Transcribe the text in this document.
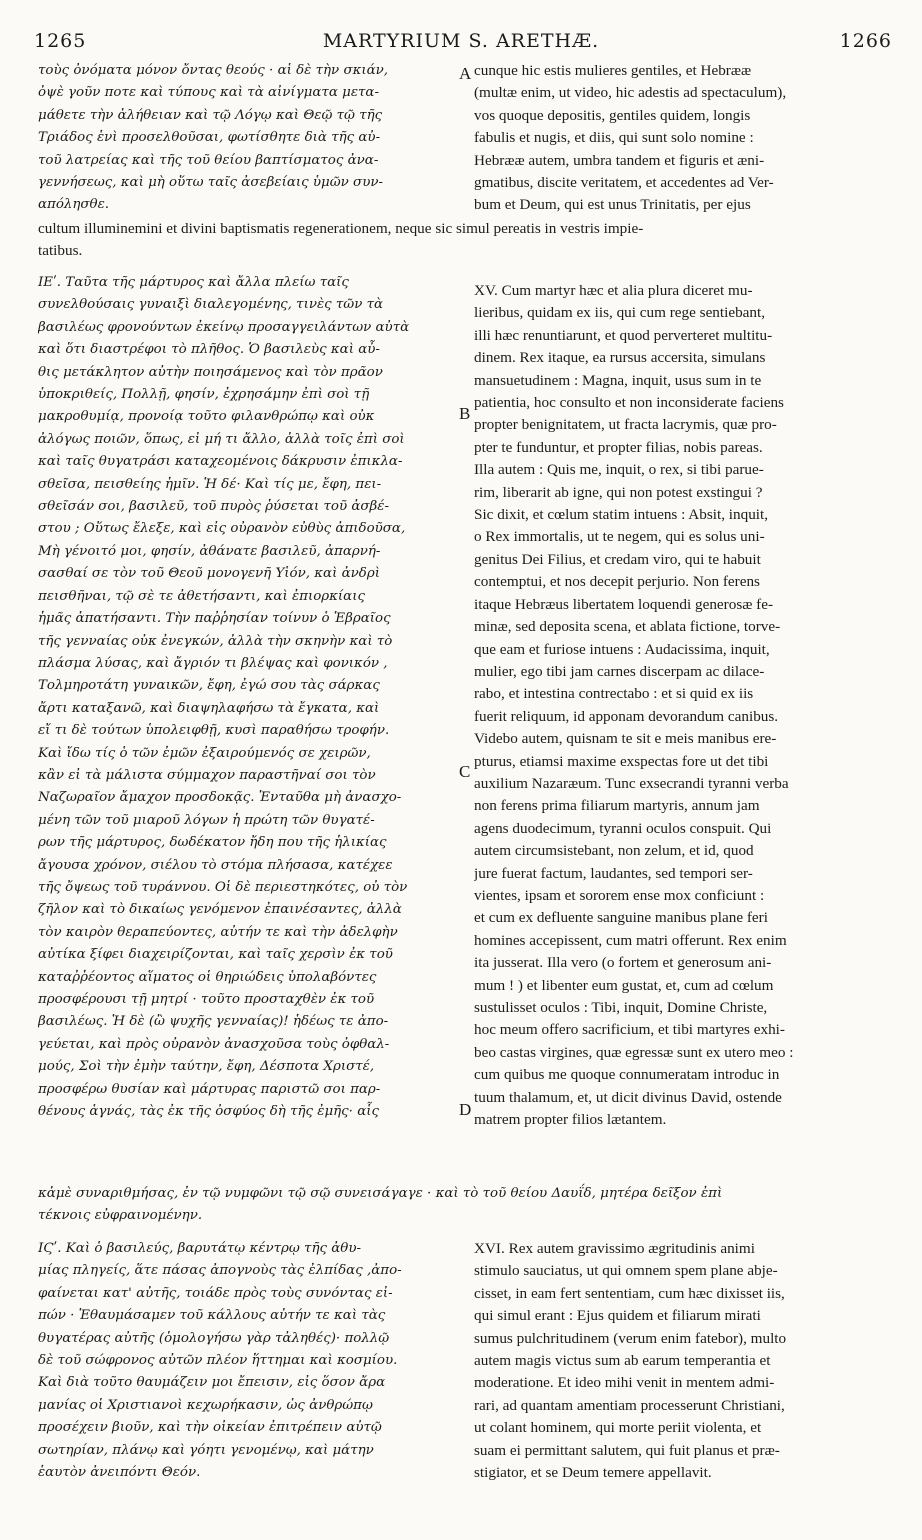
1265	MARTYRIUM S. ARETHÆ.	1266
τοὺς ὀνόματα μόνον ὄντας θεούς · αἱ δὲ τὴν σκιάν,
ὀψὲ γοῦν ποτε καὶ τύπους καὶ τὰ αἰνίγματα μετα-
μάθετε τὴν ἀλήθειαν καὶ τῷ Λόγῳ καὶ Θεῷ τῷ τῆς
Τριάδος ἑνὶ προσελθοῦσαι, φωτίσθητε διὰ τῆς αὐ-
τοῦ λατρείας καὶ τῆς τοῦ θείου βαπτίσματος ἀνα-
γεννήσεως, καὶ μὴ οὕτω ταῖς ἀσεβείαις ὑμῶν συν-
απόλησθε.
cunque hic estis mulieres gentiles, et Hebrææ
(multæ enim, ut video, hic adestis ad spectaculum),
vos quoque depositis, gentiles quidem, longis
fabulis et nugis, et diis, qui sunt solo nomine :
Hebrææ autem, umbra tandem et figuris et æni-
gmatibus, discite veritatem, et accedentes ad Ver-
bum et Deum, qui est unus Trinitatis, per ejus
cultum illuminemini et divini baptismatis regenerationem, neque sic simul pereatis in vestris impie-
tatibus.
ΙΕʹ. Ταῦτα τῆς μάρτυρος καὶ ἄλλα πλείω ταῖς
συνελθούσαις γυναιξὶ διαλεγομένης, τινὲς τῶν τὰ
βασιλέως φρονούντων ἐκείνῳ προσαγγειλάντων αὐτὰ
καὶ ὅτι διαστρέφοι τὸ πλῆθος. Ὁ βασιλεὺς καὶ αὖ-
θις μετάκλητον αὐτὴν ποιησάμενος καὶ τὸν πρᾶον
ὑποκριθείς, Πολλῇ, φησίν, ἐχρησάμην ἐπὶ σοὶ τῇ
μακροθυμίᾳ, προνοίᾳ τοῦτο φιλανθρώπῳ καὶ οὐκ
ἀλόγως ποιῶν, ὅπως, εἰ μή τι ἄλλο, ἀλλὰ τοῖς ἐπὶ σοὶ
καὶ ταῖς θυγατράσι καταχεομένοις δάκρυσιν ἐπικλα-
σθεῖσα, πεισθείης ἡμῖν. Ἡ δέ· Καὶ τίς με, ἔφη, πει-
σθεῖσάν σοι, βασιλεῦ, τοῦ πυρὸς ῥύσεται τοῦ ἀσβέ-
στου ; Οὕτως ἔλεξε, καὶ εἰς οὐρανὸν εὐθὺς ἀπιδοῦσα,
Μὴ γένοιτό μοι, φησίν, ἀθάνατε βασιλεῦ, ἀπαρνή-
σασθαί σε τὸν τοῦ Θεοῦ μονογενῆ Υἱόν, καὶ ἀνδρὶ
πεισθῆναι, τῷ σὲ τε ἀθετήσαντι, καὶ ἐπιορκίαις
ἡμᾶς ἀπατήσαντι. Τὴν παῤῥησίαν τοίνυν ὁ Ἑβραῖος
τῆς γενναίας οὐκ ἐνεγκών, ἀλλὰ τὴν σκηνὴν καὶ τὸ
πλάσμα λύσας, καὶ ἄγριόν τι βλέψας καὶ φονικόν ,
Τολμηροτάτη γυναικῶν, ἔφη, ἐγώ σου τὰς σάρκας
ἄρτι καταξανῶ, καὶ διαψηλαφήσω τὰ ἔγκατα, καὶ
εἴ τι δὲ τούτων ὑπολειφθῇ, κυσὶ παραθήσω τροφήν.
Καὶ ἴδω τίς ὁ τῶν ἐμῶν ἐξαιρούμενός σε χειρῶν,
κἂν εἰ τὰ μάλιστα σύμμαχον παραστῆναί σοι τὸν
Ναζωραῖον ἄμαχον προσδοκᾷς. Ἐνταῦθα μὴ ἀνασχο-
μένη τῶν τοῦ μιαροῦ λόγων ἡ πρώτη τῶν θυγατέ-
ρων τῆς μάρτυρος, δωδέκατον ἤδη που τῆς ἡλικίας
ἄγουσα χρόνον, σιέλου τὸ στόμα πλήσασα, κατέχεε
τῆς ὄψεως τοῦ τυράννου. Οἱ δὲ περιεστηκότες, οὐ τὸν
ζῆλον καὶ τὸ δικαίως γενόμενον ἐπαινέσαντες, ἀλλὰ
τὸν καιρὸν θεραπεύοντες, αὐτήν τε καὶ τὴν ἀδελφὴν
αὐτίκα ξίφει διαχειρίζονται, καὶ ταῖς χερσὶν ἐκ τοῦ
καταῤῥέοντος αἵματος οἱ θηριώδεις ὑπολαβόντες
προσφέρουσι τῇ μητρί · τοῦτο προσταχθὲν ἐκ τοῦ
βασιλέως. Ἡ δὲ (ὢ ψυχῆς γενναίας)! ἡδέως τε ἀπο-
γεύεται, καὶ πρὸς οὐρανὸν ἀνασχοῦσα τοὺς ὀφθαλ-
μούς, Σοὶ τὴν ἐμὴν ταύτην, ἔφη, Δέσποτα Χριστέ,
προσφέρω θυσίαν καὶ μάρτυρας παριστῶ σοι παρ-
θένους ἁγνάς, τὰς ἐκ τῆς ὀσφύος δὴ τῆς ἐμῆς· αἷς
XV. Cum martyr hæc et alia plura diceret mu-
lieribus, quidam ex iis, qui cum rege sentiebant,
illi hæc renuntiarunt, et quod perverteret multitu-
dinem. Rex itaque, ea rursus accersita, simulans
mansuetudinem : Magna, inquit, usus sum in te
patientia, hoc consulto et non inconsiderate faciens
propter benignitatem, ut fracta lacrymis, quæ pro-
pter te funduntur, et propter filias, nobis pareas.
Illa autem : Quis me, inquit, o rex, si tibi parue-
rim, liberarit ab igne, qui non potest exstingui ?
Sic dixit, et cœlum statim intuens : Absit, inquit,
o Rex immortalis, ut te negem, qui es solus uni-
genitus Dei Filius, et credam viro, qui te habuit
contemptui, et nos decepit perjurio. Non ferens
itaque Hebræus libertatem loquendi generosæ fe-
minæ, sed deposita scena, et ablata fictione, torve-
que eam et furiose intuens : Audacissima, inquit,
mulier, ego tibi jam carnes discerpam ac dilace-
rabo, et intestina contrectabo : et si quid ex iis
fuerit reliquum, id apponam devorandum canibus.
Videbo autem, quisnam te sit e meis manibus ere-
pturus, etiamsi maxime exspectas fore ut det tibi
auxilium Nazaræum. Tunc exsecrandi tyranni verba
non ferens prima filiarum martyris, annum jam
agens duodecimum, tyranni oculos conspuit. Qui
autem circumsistebant, non zelum, et id, quod
jure fuerat factum, laudantes, sed tempori ser-
vientes, ipsam et sororem ense mox conficiunt :
et cum ex defluente sanguine manibus plane feri
homines accepissent, cum matri offerunt. Rex enim
ita jusserat. Illa vero (o fortem et generosum ani-
mum ! ) et libenter eum gustat, et, cum ad cœlum
sustulisset oculos : Tibi, inquit, Domine Christe,
hoc meum offero sacrificium, et tibi martyres exhi-
beo castas virgines, quæ egressæ sunt ex utero meo :
cum quibus me quoque connumeratam introduc in
tuum thalamum, et, ut dicit divinus David, ostende
matrem propter filios lætantem.
κἀμὲ συναριθμήσας, ἐν τῷ νυμφῶνι τῷ σῷ συνεισάγαγε · καὶ τὸ τοῦ θείου Δαυΐδ, μητέρα δεῖξον ἐπὶ
τέκνοις εὐφραινομένην.
ΙϚʹ. Καὶ ὁ βασιλεύς, βαρυτάτῳ κέντρῳ τῆς ἀθυ-
μίας πληγείς, ἅτε πάσας ἀπογνοὺς τὰς ἐλπίδας ,ἀπο-
φαίνεται κατ' αὐτῆς, τοιάδε πρὸς τοὺς συνόντας εἰ-
πών · Ἐθαυμάσαμεν τοῦ κάλλους αὐτήν τε καὶ τὰς
θυγατέρας αὐτῆς (ὁμολογήσω γὰρ τἀληθές)· πολλῷ
δὲ τοῦ σώφρονος αὐτῶν πλέον ἥττημαι καὶ κοσμίου.
Καὶ διὰ τοῦτο θαυμάζειν μοι ἔπεισιν, εἰς ὅσον ἄρα
μανίας οἱ Χριστιανοὶ κεχωρήκασιν, ὡς ἀνθρώπῳ
προσέχειν βιοῦν, καὶ τὴν οἰκείαν ἐπιτρέπειν αὐτῷ
σωτηρίαν, πλάνῳ καὶ γόητι γενομένῳ, καὶ μάτην
ἑαυτὸν ἀνειπόντι Θεόν.
XVI. Rex autem gravissimo ægritudinis animi
stimulo sauciatus, ut qui omnem spem plane abje-
cisset, in eam fert sententiam, cum hæc dixisset iis,
qui simul erant : Ejus quidem et filiarum mirati
sumus pulchritudinem (verum enim fatebor), multo
autem magis victus sum ab earum temperantia et
moderatione. Et ideo mihi venit in mentem admi-
rari, ad quantam amentiam processerunt Christiani,
ut colant hominem, qui morte periit violenta, et
suam ei permittant salutem, qui fuit planus et præ-
stigiator, et se Deum temere appellavit.
A
B
C
D
